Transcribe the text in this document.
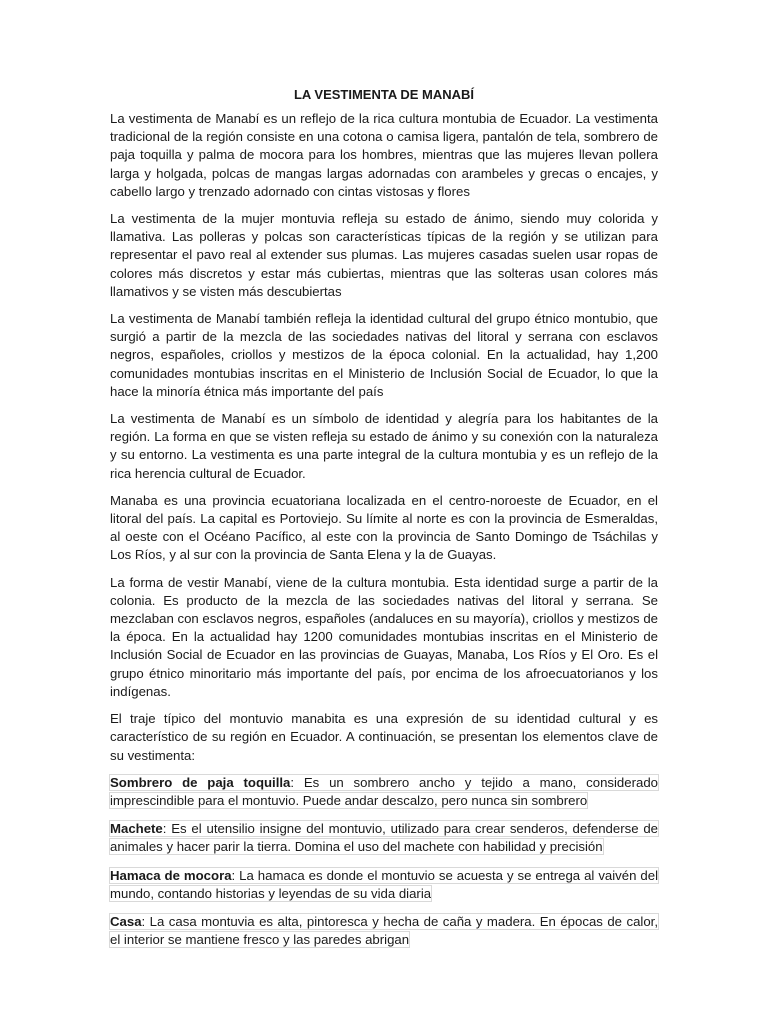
LA VESTIMENTA DE MANABÍ

La vestimenta de Manabí es un reflejo de la rica cultura montubia de Ecuador. La vestimenta tradicional de la región consiste en una cotona o camisa ligera, pantalón de tela, sombrero de paja toquilla y palma de mocora para los hombres, mientras que las mujeres llevan pollera larga y holgada, polcas de mangas largas adornadas con arambeles y grecas o encajes, y cabello largo y trenzado adornado con cintas vistosas y flores

La vestimenta de la mujer montuvia refleja su estado de ánimo, siendo muy colorida y llamativa. Las polleras y polcas son características típicas de la región y se utilizan para representar el pavo real al extender sus plumas. Las mujeres casadas suelen usar ropas de colores más discretos y estar más cubiertas, mientras que las solteras usan colores más llamativos y se visten más descubiertas

La vestimenta de Manabí también refleja la identidad cultural del grupo étnico montubio, que surgió a partir de la mezcla de las sociedades nativas del litoral y serrana con esclavos negros, españoles, criollos y mestizos de la época colonial. En la actualidad, hay 1,200 comunidades montubias inscritas en el Ministerio de Inclusión Social de Ecuador, lo que la hace la minoría étnica más importante del país

La vestimenta de Manabí es un símbolo de identidad y alegría para los habitantes de la región. La forma en que se visten refleja su estado de ánimo y su conexión con la naturaleza y su entorno. La vestimenta es una parte integral de la cultura montubia y es un reflejo de la rica herencia cultural de Ecuador.

Manaba es una provincia ecuatoriana localizada en el centro-noroeste de Ecuador, en el litoral del país. La capital es Portoviejo. Su límite al norte es con la provincia de Esmeraldas, al oeste con el Océano Pacífico, al este con la provincia de Santo Domingo de Tsáchilas y Los Ríos, y al sur con la provincia de Santa Elena y la de Guayas.

La forma de vestir Manabí, viene de la cultura montubia. Esta identidad surge a partir de la colonia. Es producto de la mezcla de las sociedades nativas del litoral y serrana. Se mezclaban con esclavos negros, españoles (andaluces en su mayoría), criollos y mestizos de la época. En la actualidad hay 1200 comunidades montubias inscritas en el Ministerio de Inclusión Social de Ecuador en las provincias de Guayas, Manaba, Los Ríos y El Oro. Es el grupo étnico minoritario más importante del país, por encima de los afroecuatorianos y los indígenas.

El traje típico del montuvio manabita es una expresión de su identidad cultural y es característico de su región en Ecuador. A continuación, se presentan los elementos clave de su vestimenta:

Sombrero de paja toquilla: Es un sombrero ancho y tejido a mano, considerado imprescindible para el montuvio. Puede andar descalzo, pero nunca sin sombrero

Machete: Es el utensilio insigne del montuvio, utilizado para crear senderos, defenderse de animales y hacer parir la tierra. Domina el uso del machete con habilidad y precisión

Hamaca de mocora: La hamaca es donde el montuvio se acuesta y se entrega al vaivén del mundo, contando historias y leyendas de su vida diaria

Casa: La casa montuvia es alta, pintoresca y hecha de caña y madera. En épocas de calor, el interior se mantiene fresco y las paredes abrigan
